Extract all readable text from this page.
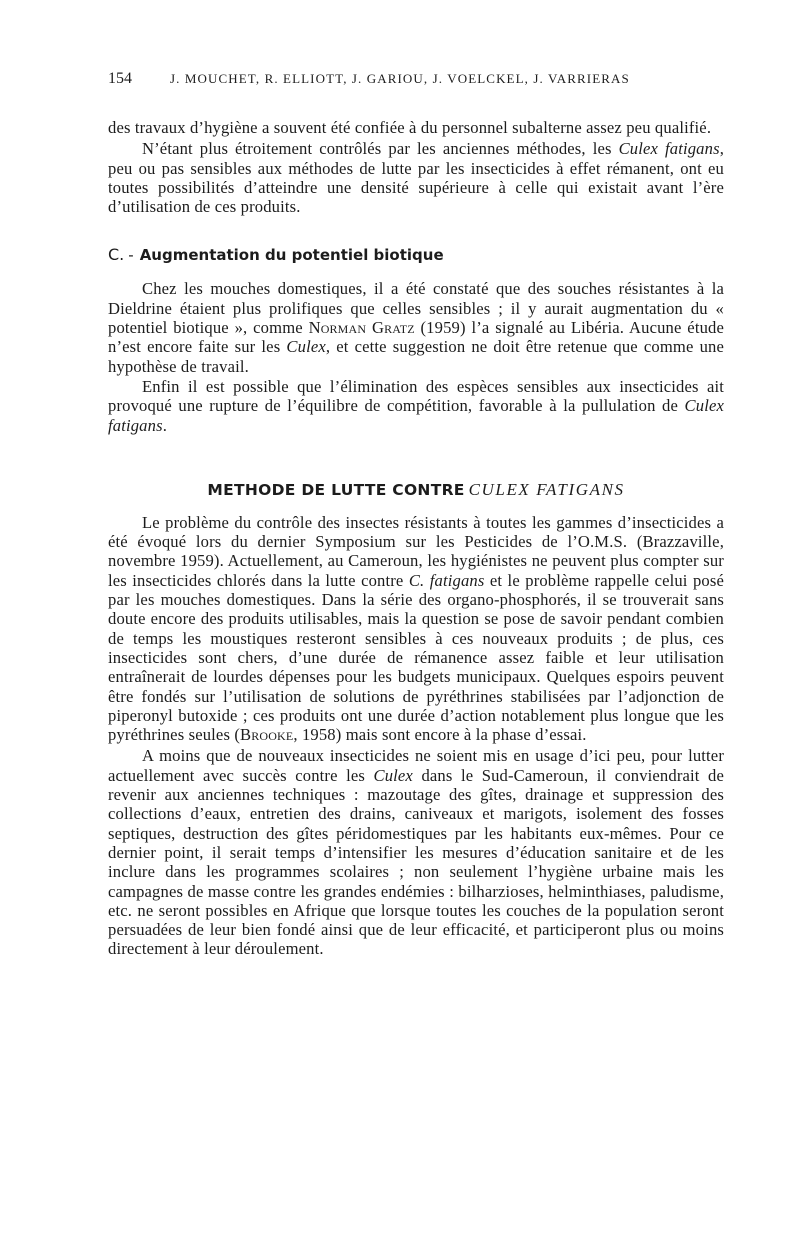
154	J. MOUCHET, R. ELLIOTT, J. GARIOU, J. VOELCKEL, J. VARRIERAS

des travaux d’hygiène a souvent été confiée à du personnel subalterne assez peu qualifié.

N’étant plus étroitement contrôlés par les anciennes méthodes, les Culex fatigans, peu ou pas sensibles aux méthodes de lutte par les insecticides à effet rémanent, ont eu toutes possibilités d’atteindre une densité supérieure à celle qui existait avant l’ère d’utilisation de ces produits.

C. - Augmentation du potentiel biotique

Chez les mouches domestiques, il a été constaté que des souches résistantes à la Dieldrine étaient plus prolifiques que celles sensibles ; il y aurait augmentation du « potentiel biotique », comme Norman Gratz (1959) l’a signalé au Libéria. Aucune étude n’est encore faite sur les Culex, et cette suggestion ne doit être retenue que comme une hypothèse de travail.

Enfin il est possible que l’élimination des espèces sensibles aux insecticides ait provoqué une rupture de l’équilibre de compétition, favorable à la pullulation de Culex fatigans.

METHODE DE LUTTE CONTRE CULEX FATIGANS

Le problème du contrôle des insectes résistants à toutes les gammes d’insecticides a été évoqué lors du dernier Symposium sur les Pesticides de l’O.M.S. (Brazzaville, novembre 1959). Actuellement, au Cameroun, les hygiénistes ne peuvent plus compter sur les insecticides chlorés dans la lutte contre C. fatigans et le problème rappelle celui posé par les mouches domestiques. Dans la série des organo-phosphorés, il se trouverait sans doute encore des produits utilisables, mais la question se pose de savoir pendant combien de temps les moustiques resteront sensibles à ces nouveaux produits ; de plus, ces insecticides sont chers, d’une durée de rémanence assez faible et leur utilisation entraînerait de lourdes dépenses pour les budgets municipaux. Quelques espoirs peuvent être fondés sur l’utilisation de solutions de pyréthrines stabilisées par l’adjonction de piperonyl butoxide ; ces produits ont une durée d’action notablement plus longue que les pyréthrines seules (Brooke, 1958) mais sont encore à la phase d’essai.

A moins que de nouveaux insecticides ne soient mis en usage d’ici peu, pour lutter actuellement avec succès contre les Culex dans le Sud-Cameroun, il conviendrait de revenir aux anciennes techniques : mazoutage des gîtes, drainage et suppression des collections d’eaux, entretien des drains, caniveaux et marigots, isolement des fosses septiques, destruction des gîtes péridomestiques par les habitants eux-mêmes. Pour ce dernier point, il serait temps d’intensifier les mesures d’éducation sanitaire et de les inclure dans les programmes scolaires ; non seulement l’hygiène urbaine mais les campagnes de masse contre les grandes endémies : bilharzioses, helminthiases, paludisme, etc. ne seront possibles en Afrique que lorsque toutes les couches de la population seront persuadées de leur bien fondé ainsi que de leur efficacité, et participeront plus ou moins directement à leur déroulement.
